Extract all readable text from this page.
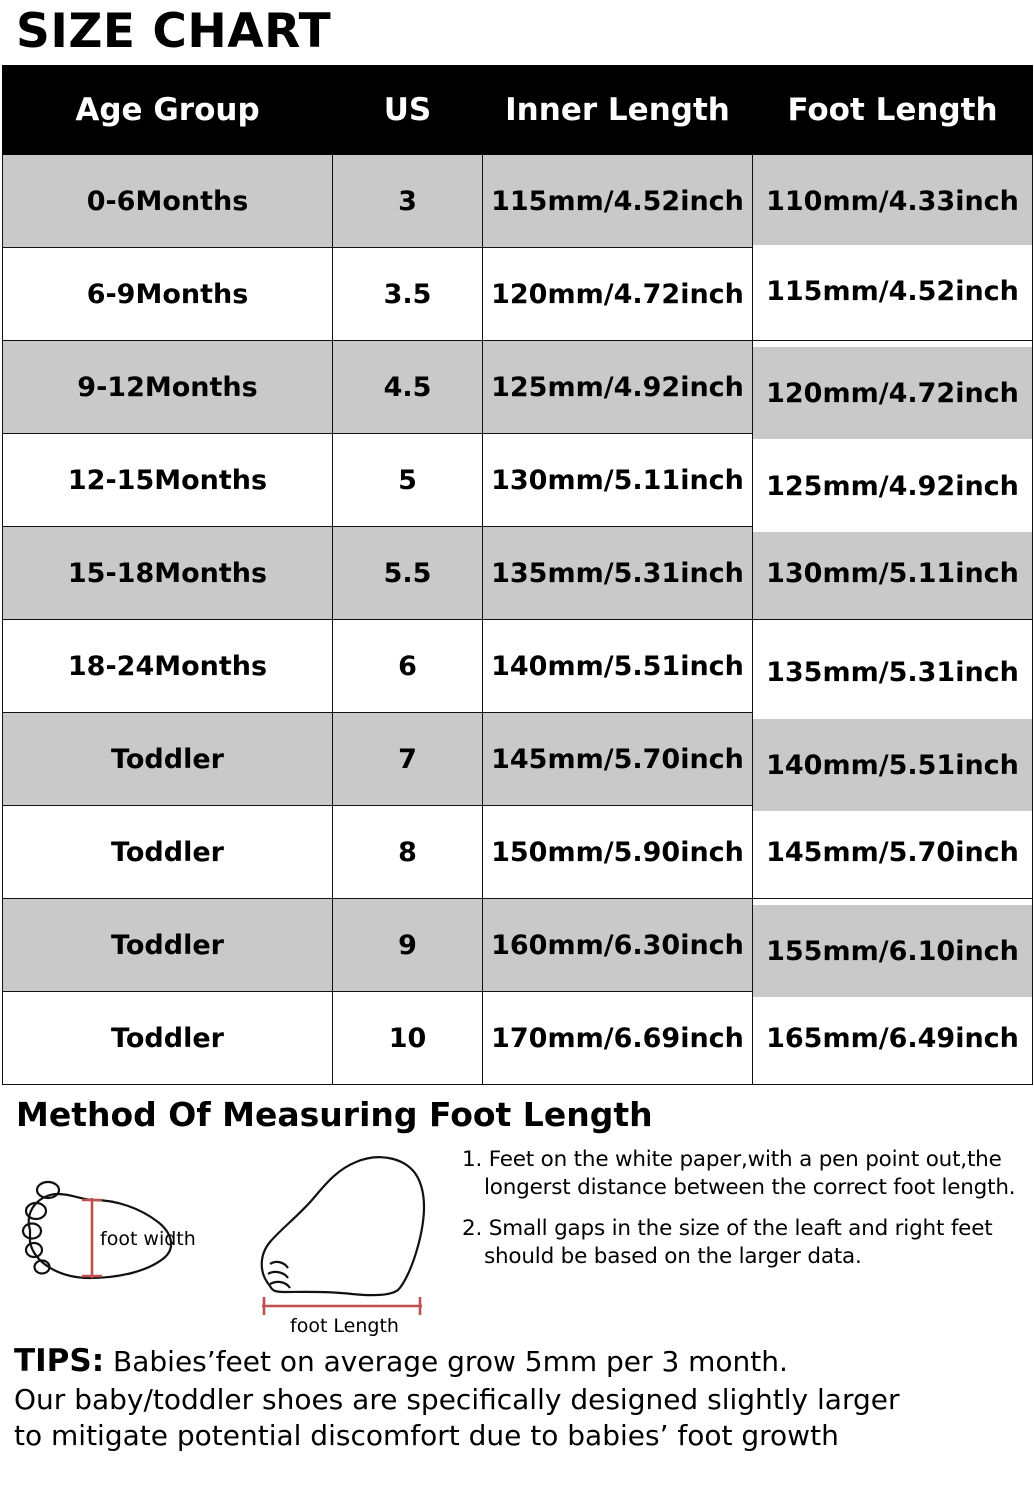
SIZE CHART
Age Group	US	Inner Length	Foot Length
0-6Months	3	115mm/4.52inch	110mm/4.33inch
6-9Months	3.5	120mm/4.72inch	115mm/4.52inch
9-12Months	4.5	125mm/4.92inch	120mm/4.72inch
12-15Months	5	130mm/5.11inch	125mm/4.92inch
15-18Months	5.5	135mm/5.31inch	130mm/5.11inch
18-24Months	6	140mm/5.51inch	135mm/5.31inch
Toddler	7	145mm/5.70inch	140mm/5.51inch
Toddler	8	150mm/5.90inch	145mm/5.70inch
Toddler	9	160mm/6.30inch	155mm/6.10inch
Toddler	10	170mm/6.69inch	165mm/6.49inch
Method Of Measuring Foot Length
foot width
foot Length

1. Feet on the white paper,with a pen point out,the
longerst distance between the correct foot length.

2. Small gaps in the size of the leaft and right feet
should be based on the larger data.

TIPS: Babies’feet on average grow 5mm per 3 month.

Our baby/toddler shoes are specifically designed slightly larger

to mitigate potential discomfort due to babies’ foot growth
